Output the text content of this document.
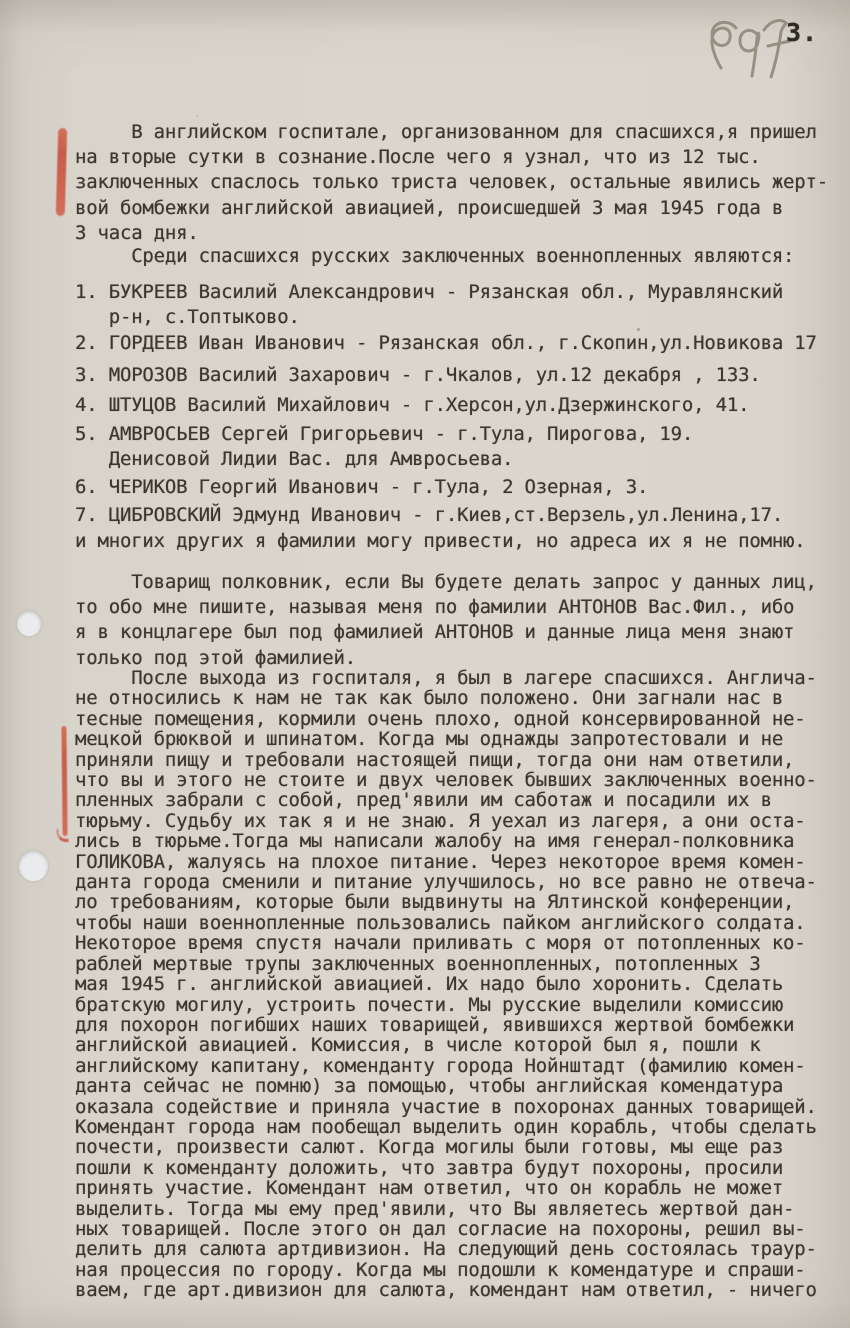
3.
В английском госпитале, организованном для спасшихся,я пришел
на вторые сутки в сознание.После чего я узнал, что из 12 тыс.
заключенных спаслось только триста человек, остальные явились жерт-
вой бомбежки английской авиацией, происшедшей 3 мая 1945 года в
3 часа дня.
Среди спасшихся русских заключенных военнопленных являются:
1. БУКРЕЕВ Василий Александрович - Рязанская обл., Муравлянский
р-н, с.Топтыково.
2. ГОРДЕЕВ Иван Иванович - Рязанская обл., г.Скопин,ул.Новикова 17
3. МОРОЗОВ Василий Захарович - г.Чкалов, ул.12 декабря , 133.
4. ШТУЦОВ Василий Михайлович - г.Херсон,ул.Дзержинского, 41.
5. АМВРОСЬЕВ Сергей Григорьевич - г.Тула, Пирогова, 19.
Денисовой Лидии Вас. для Амвросьева.
6. ЧЕРИКОВ Георгий Иванович - г.Тула, 2 Озерная, 3.
7. ЦИБРОВСКИЙ Эдмунд Иванович - г.Киев,ст.Верзель,ул.Ленина,17.
и многих других я фамилии могу привести, но адреса их я не помню.
Товарищ полковник, если Вы будете делать запрос у данных лиц,
то обо мне пишите, называя меня по фамилии АНТОНОВ Вас.Фил., ибо
я в концлагере был под фамилией АНТОНОВ и данные лица меня знают
только под этой фамилией.
После выхода из госпиталя, я был в лагере спасшихся. Англича-
не относились к нам не так как было положено. Они загнали нас в
тесные помещения, кормили очень плохо, одной консервированной не-
мецкой брюквой и шпинатом. Когда мы однажды запротестовали и не
приняли пищу и требовали настоящей пищи, тогда они нам ответили,
что вы и этого не стоите и двух человек бывших заключенных военно-
пленных забрали с собой, пред'явили им саботаж и посадили их в
тюрьму. Судьбу их так я и не знаю. Я уехал из лагеря, а они оста-
лись в тюрьме.Тогда мы написали жалобу на имя генерал-полковника
ГОЛИКОВА, жалуясь на плохое питание. Через некоторое время комен-
данта города сменили и питание улучшилось, но все равно не отвеча-
ло требованиям, которые были выдвинуты на Ялтинской конференции,
чтобы наши военнопленные пользовались пайком английского солдата.
Некоторое время спустя начали приливать с моря от потопленных ко-
раблей мертвые трупы заключенных военнопленных, потопленных 3
мая 1945 г. английской авиацией. Их надо было хоронить. Сделать
братскую могилу, устроить почести. Мы русские выделили комиссию
для похорон погибших наших товарищей, явившихся жертвой бомбежки
английской авиацией. Комиссия, в числе которой был я, пошли к
английскому капитану, коменданту города Нойнштадт (фамилию комен-
данта сейчас не помню) за помощью, чтобы английская комендатура
оказала содействие и приняла участие в похоронах данных товарищей.
Комендант города нам пообещал выделить один корабль, чтобы сделать
почести, произвести салют. Когда могилы были готовы, мы еще раз
пошли к коменданту доложить, что завтра будут похороны, просили
принять участие. Комендант нам ответил, что он корабль не может
выделить. Тогда мы ему пред'явили, что Вы являетесь жертвой дан-
ных товарищей. После этого он дал согласие на похороны, решил вы-
делить для салюта артдивизион. На следующий день состоялась траур-
ная процессия по городу. Когда мы подошли к комендатуре и спраши-
ваем, где арт.дивизион для салюта, комендант нам ответил, - ничего
